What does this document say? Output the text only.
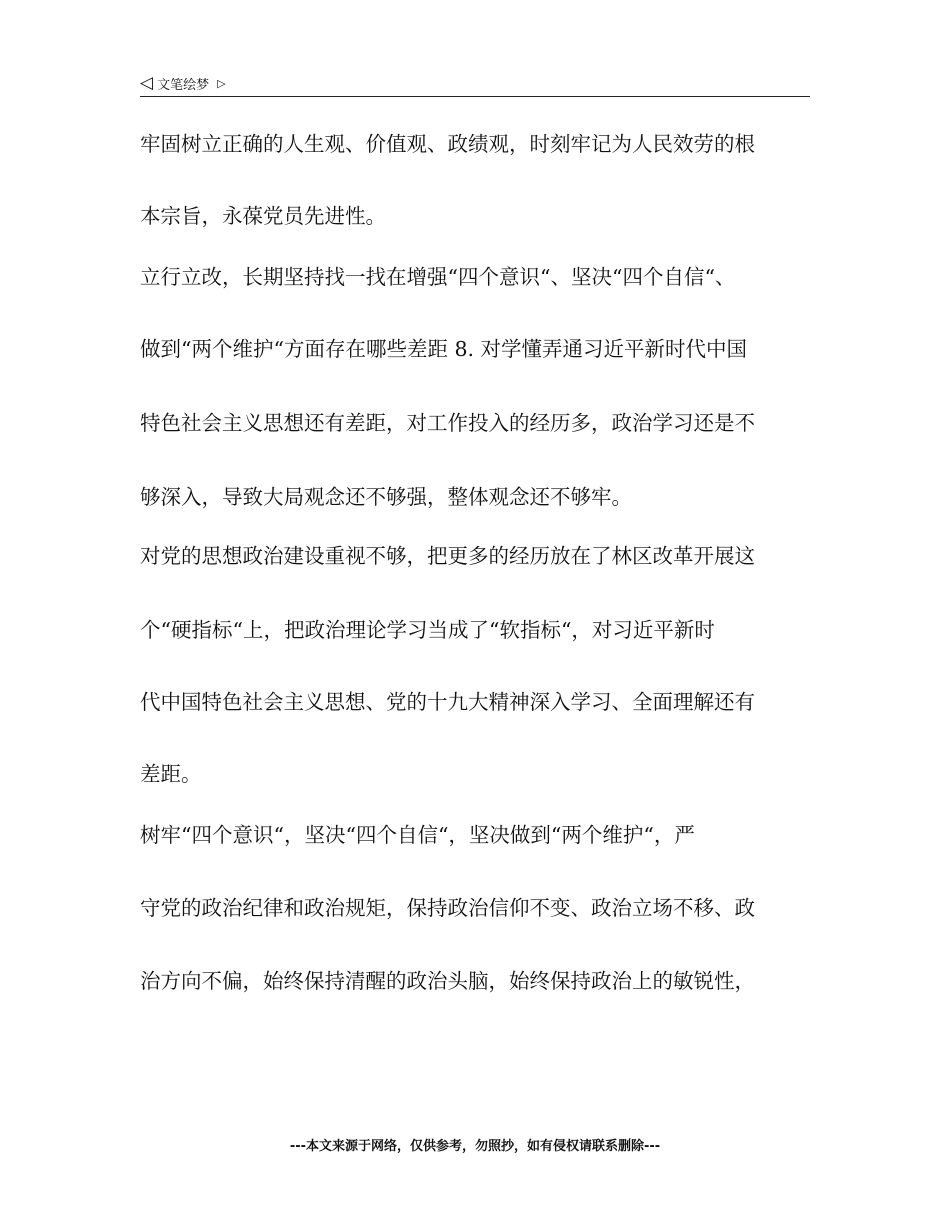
◁ 文笔绘梦 ▷
牢固树立正确的人生观、价值观、政绩观，时刻牢记为人民效劳的根
本宗旨，永葆党员先进性。
立行立改，长期坚持找一找在增强“四个意识“、坚决“四个自信“、
做到“两个维护“方面存在哪些差距 8. 对学懂弄通习近平新时代中国
特色社会主义思想还有差距，对工作投入的经历多，政治学习还是不
够深入，导致大局观念还不够强，整体观念还不够牢。
对党的思想政治建设重视不够，把更多的经历放在了林区改革开展这
个“硬指标“上，把政治理论学习当成了“软指标“，对习近平新时
代中国特色社会主义思想、党的十九大精神深入学习、全面理解还有
差距。
树牢“四个意识“，坚决“四个自信“，坚决做到“两个维护“，严
守党的政治纪律和政治规矩，保持政治信仰不变、政治立场不移、政
治方向不偏，始终保持清醒的政治头脑，始终保持政治上的敏锐性，
---本文来源于网络，仅供参考，勿照抄，如有侵权请联系删除---
